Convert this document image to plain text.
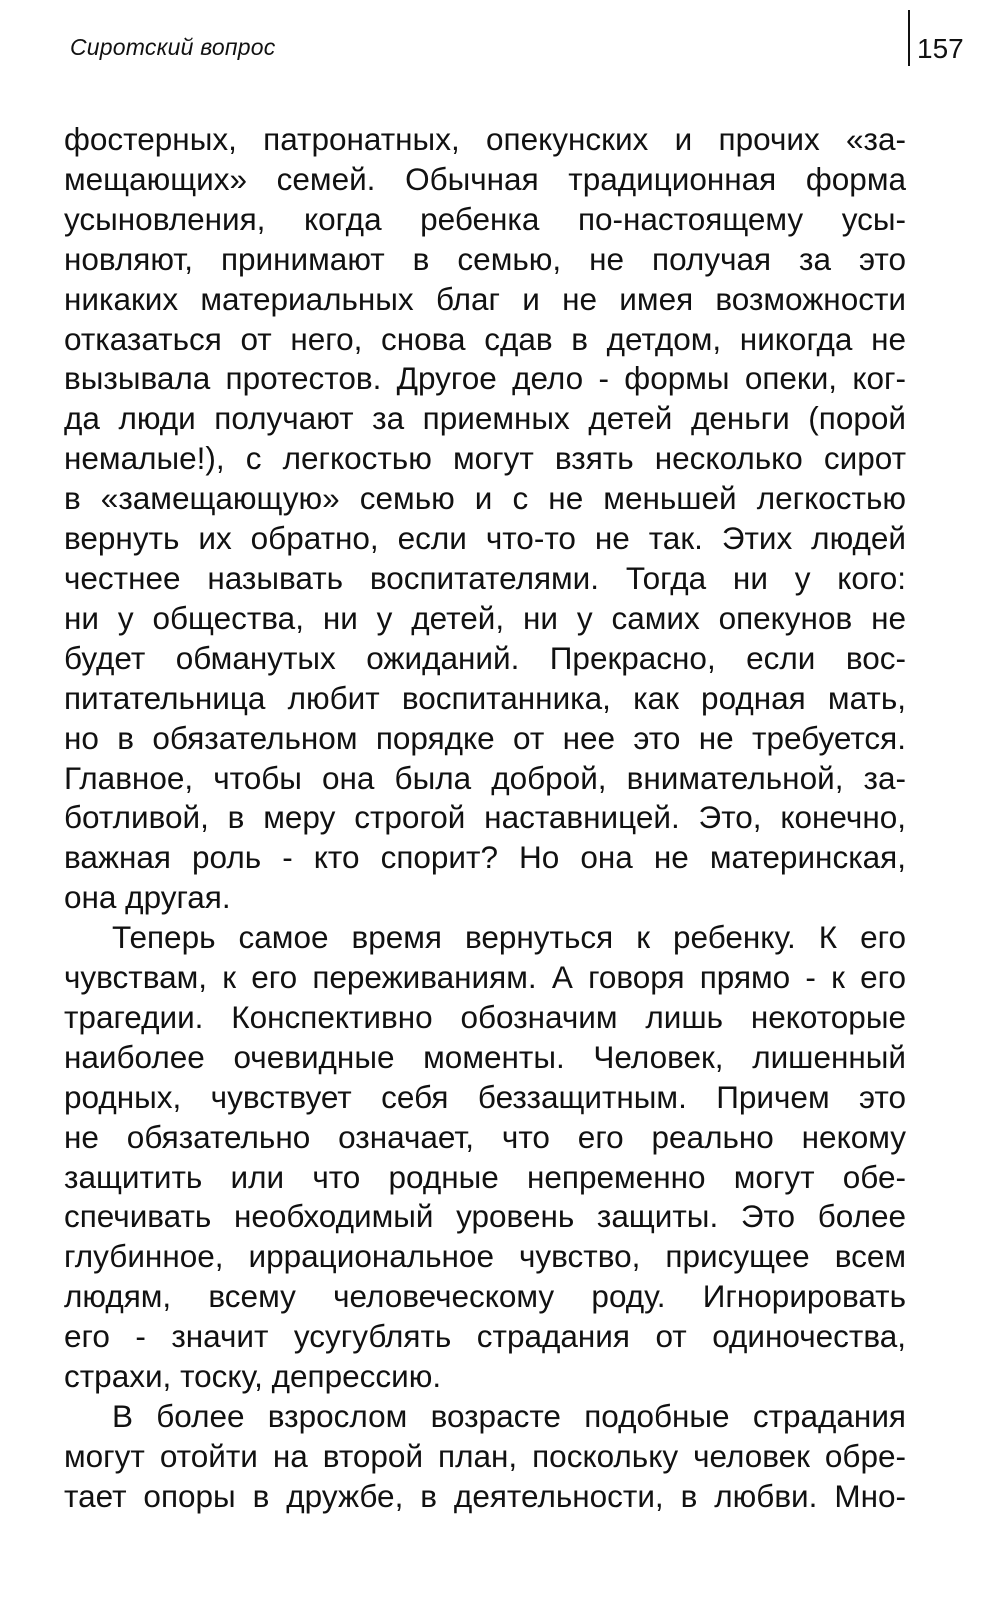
Сиротский вопрос	157
фостерных, патронатных, опекунских и прочих «за-
мещающих» семей. Обычная традиционная форма
усыновления, когда ребенка по-настоящему усы-
новляют, принимают в семью, не получая за это
никаких материальных благ и не имея возможности
отказаться от него, снова сдав в детдом, никогда не
вызывала протестов. Другое дело - формы опеки, ког-
да люди получают за приемных детей деньги (порой
немалые!), с легкостью могут взять несколько сирот
в «замещающую» семью и с не меньшей легкостью
вернуть их обратно, если что-то не так. Этих людей
честнее называть воспитателями. Тогда ни у кого:
ни у общества, ни у детей, ни у самих опекунов не
будет обманутых ожиданий. Прекрасно, если вос-
питательница любит воспитанника, как родная мать,
но в обязательном порядке от нее это не требуется.
Главное, чтобы она была доброй, внимательной, за-
ботливой, в меру строгой наставницей. Это, конечно,
важная роль - кто спорит? Но она не материнская,
она другая.
Теперь самое время вернуться к ребенку. К его
чувствам, к его переживаниям. А говоря прямо - к его
трагедии. Конспективно обозначим лишь некоторые
наиболее очевидные моменты. Человек, лишенный
родных, чувствует себя беззащитным. Причем это
не обязательно означает, что его реально некому
защитить или что родные непременно могут обе-
спечивать необходимый уровень защиты. Это более
глубинное, иррациональное чувство, присущее всем
людям, всему человеческому роду. Игнорировать
его - значит усугублять страдания от одиночества,
страхи, тоску, депрессию.
В более взрослом возрасте подобные страдания
могут отойти на второй план, поскольку человек обре-
тает опоры в дружбе, в деятельности, в любви. Мно-
